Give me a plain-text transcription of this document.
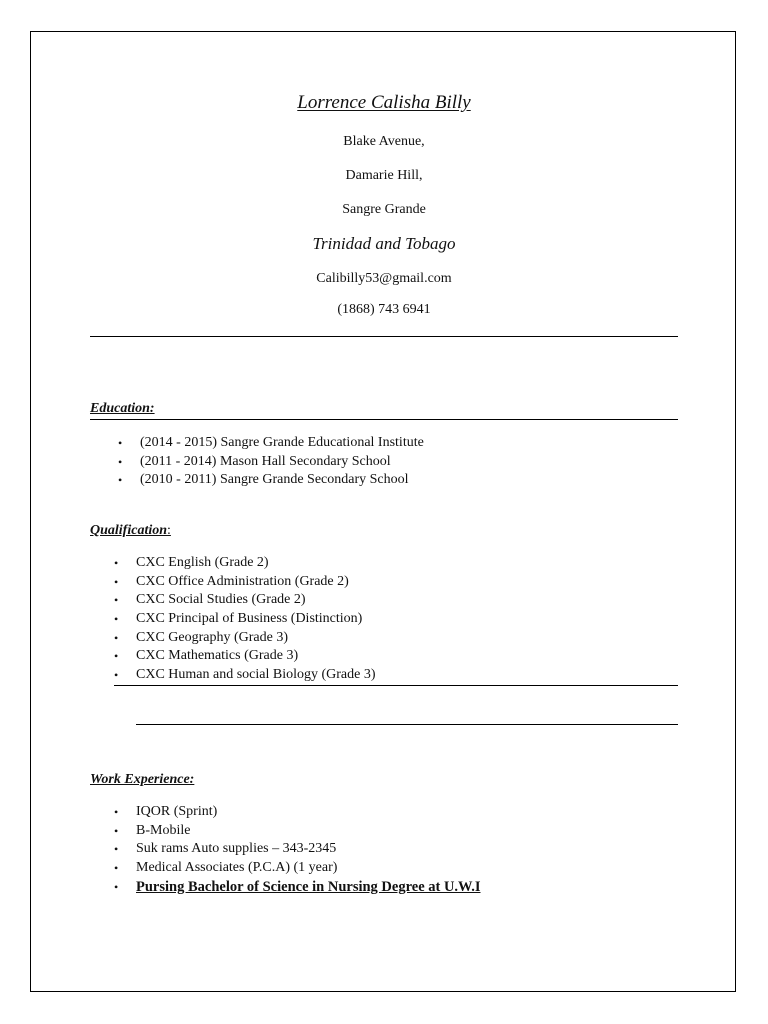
Lorrence Calisha Billy
Blake Avenue,
Damarie Hill,
Sangre Grande
Trinidad and Tobago
Calibilly53@gmail.com
(1868) 743 6941
Education:
• (2014 - 2015) Sangre Grande Educational Institute
• (2011 - 2014) Mason Hall Secondary School
• (2010 - 2011) Sangre Grande Secondary School
Qualification:
• CXC English (Grade 2)
• CXC Office Administration (Grade 2)
• CXC Social Studies (Grade 2)
• CXC Principal of Business (Distinction)
• CXC Geography (Grade 3)
• CXC Mathematics (Grade 3)
• CXC Human and social Biology (Grade 3)
Work Experience:
• IQOR (Sprint)
• B-Mobile
• Suk rams Auto supplies – 343-2345
• Medical Associates (P.C.A) (1 year)
• Pursing Bachelor of Science in Nursing Degree at U.W.I
